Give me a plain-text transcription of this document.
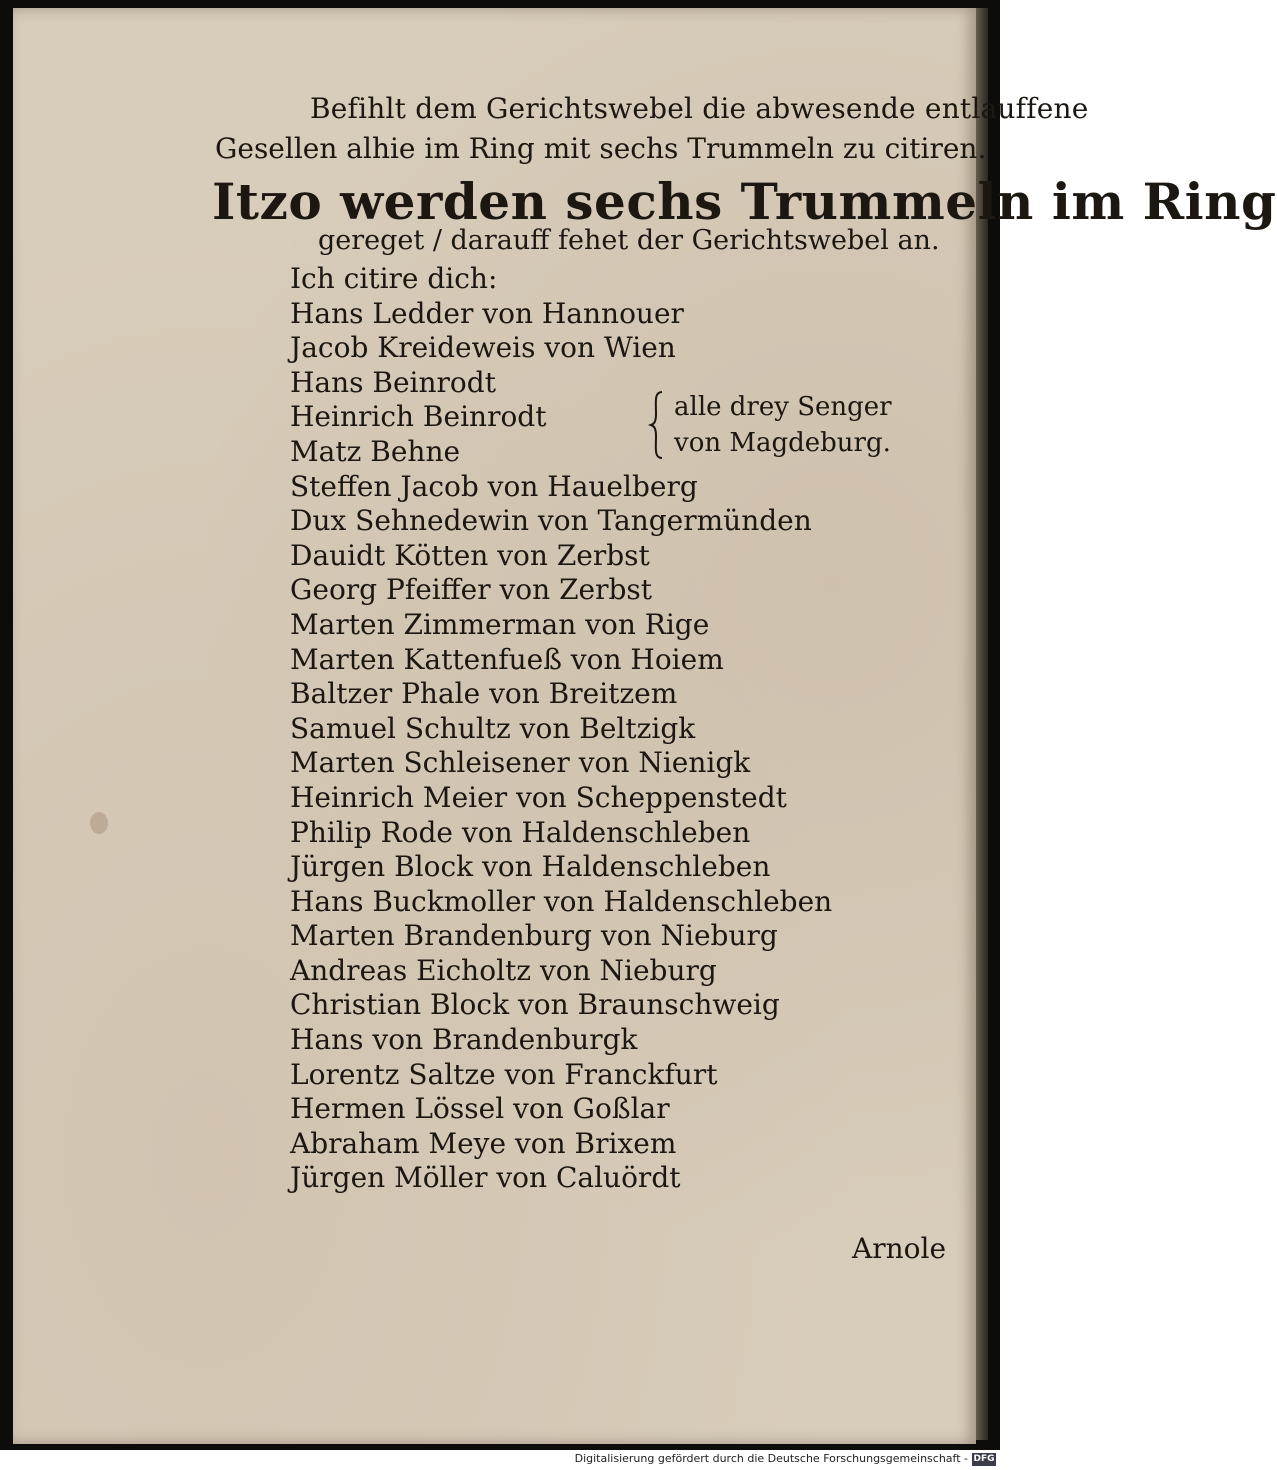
Befihlt dem Gerichtswebel die abwesende entlauffene
Gesellen alhie im Ring mit sechs Trummeln zu citiren.
Itzo werden sechs Trummeln im Ring
gereget / darauff fehet der Gerichtswebel an.
Ich citire dich:
Hans Ledder von Hannouer
Jacob Kreideweis von Wien
Hans Beinrodt
Heinrich Beinrodt
Matz Behne
Steffen Jacob von Hauelberg
Dux Sehnedewin von Tangermünden
Dauidt Kötten von Zerbst
Georg Pfeiffer von Zerbst
Marten Zimmerman von Rige
Marten Kattenfueß von Hoiem
Baltzer Phale von Breitzem
Samuel Schultz von Beltzigk
Marten Schleisener von Nienigk
Heinrich Meier von Scheppenstedt
Philip Rode von Haldenschleben
Jürgen Block von Haldenschleben
Hans Buckmoller von Haldenschleben
Marten Brandenburg von Nieburg
Andreas Eicholtz von Nieburg
Christian Block von Braunschweig
Hans von Brandenburgk
Lorentz Saltze von Franckfurt
Hermen Lössel von Goßlar
Abraham Meye von Brixem
Jürgen Möller von Caluördt
alle drey Senger
von Magdeburg.
Arnole
Digitalisierung gefördert durch die Deutsche Forschungsgemeinschaft - DFG
